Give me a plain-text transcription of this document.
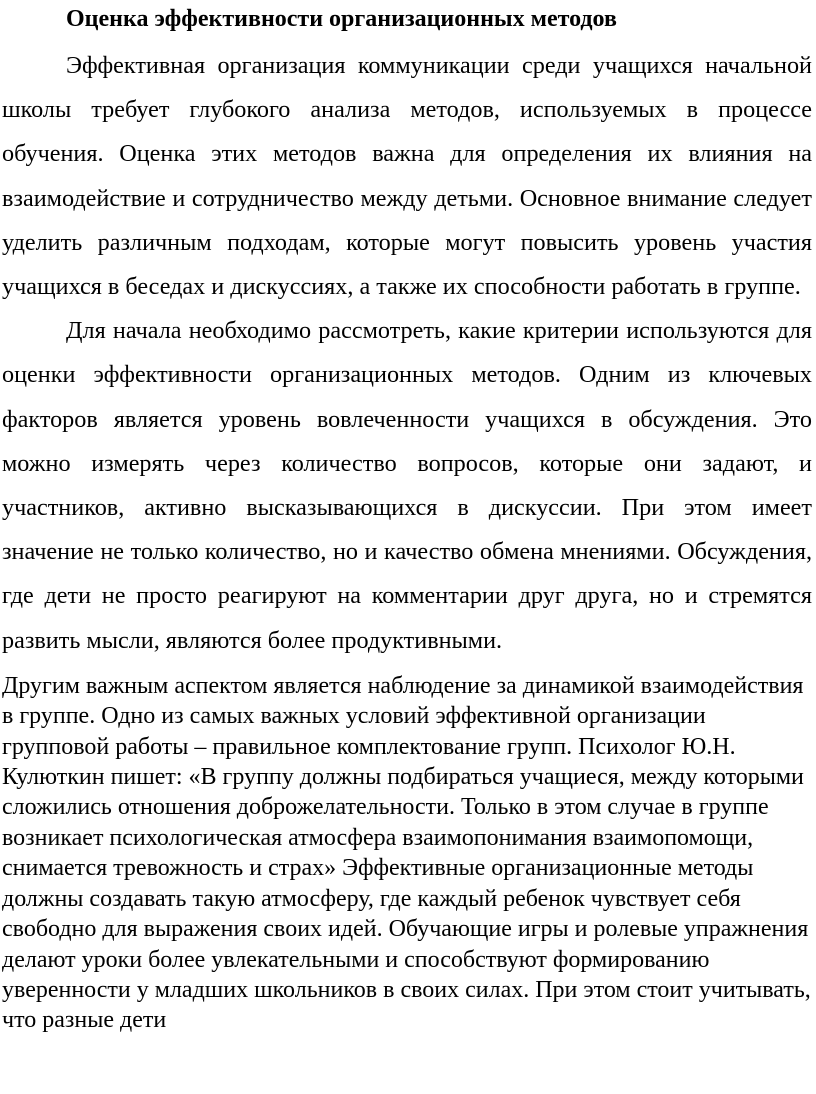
Оценка эффективности организационных методов

Эффективная организация коммуникации среди учащихся начальной школы требует глубокого анализа методов, используемых в процессе обучения. Оценка этих методов важна для определения их влияния на взаимодействие и сотрудничество между детьми. Основное внимание следует уделить различным подходам, которые могут повысить уровень участия учащихся в беседах и дискуссиях, а также их способности работать в группе.

Для начала необходимо рассмотреть, какие критерии используются для оценки эффективности организационных методов. Одним из ключевых факторов является уровень вовлеченности учащихся в обсуждения. Это можно измерять через количество вопросов, которые они задают, и участников, активно высказывающихся в дискуссии. При этом имеет значение не только количество, но и качество обмена мнениями. Обсуждения, где дети не просто реагируют на комментарии друг друга, но и стремятся развить мысли, являются более продуктивными.

Другим важным аспектом является наблюдение за динамикой взаимодействия в группе. Одно из самых важных условий эффективной организации групповой работы – правильное комплектование групп. Психолог Ю.Н. Кулюткин пишет: «В группу должны подбираться учащиеся, между которыми сложились отношения доброжелательности. Только в этом случае в группе возникает психологическая атмосфера взаимопонимания взаимопомощи, снимается тревожность и страх» Эффективные организационные методы должны создавать такую атмосферу, где каждый ребенок чувствует себя свободно для выражения своих идей. Обучающие игры и ролевые упражнения делают уроки более увлекательными и способствуют формированию уверенности у младших школьников в своих силах. При этом стоит учитывать, что разные дети
